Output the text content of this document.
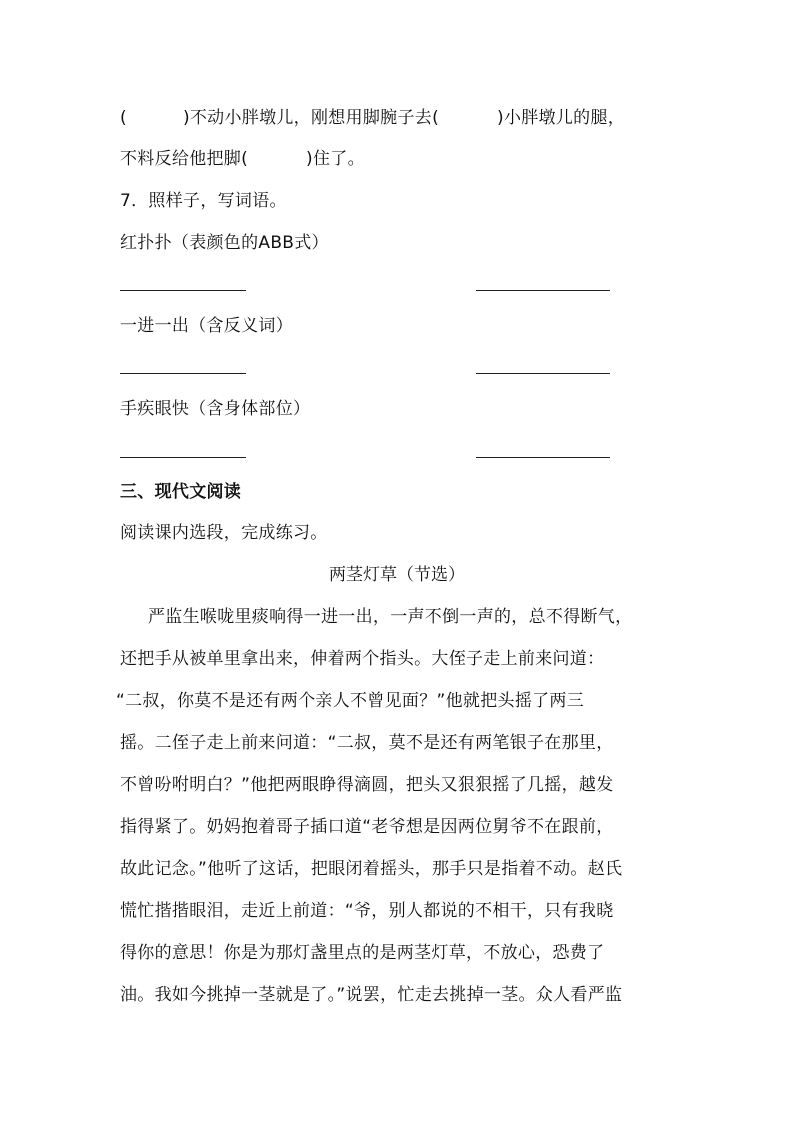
(	)不动小胖墩儿，刚想用脚腕子去(	)小胖墩儿的腿，
不料反给他把脚(	)住了。
7．照样子，写词语。
红扑扑（表颜色的ABB式）
一进一出（含反义词）
手疾眼快（含身体部位）
三、现代文阅读
阅读课内选段，完成练习。
两茎灯草（节选）
严监生喉咙里痰响得一进一出，一声不倒一声的，总不得断气，
还把手从被单里拿出来，伸着两个指头。大侄子走上前来问道：
“二叔，你莫不是还有两个亲人不曾见面？”他就把头摇了两三
摇。二侄子走上前来问道：“二叔，莫不是还有两笔银子在那里，
不曾吩咐明白？”他把两眼睁得滴圆，把头又狠狠摇了几摇，越发
指得紧了。奶妈抱着哥子插口道“老爷想是因两位舅爷不在跟前，
故此记念。”他听了这话，把眼闭着摇头，那手只是指着不动。赵氏
慌忙揩揩眼泪，走近上前道：“爷，别人都说的不相干，只有我晓
得你的意思！你是为那灯盏里点的是两茎灯草，不放心，恐费了
油。我如今挑掉一茎就是了。”说罢，忙走去挑掉一茎。众人看严监
